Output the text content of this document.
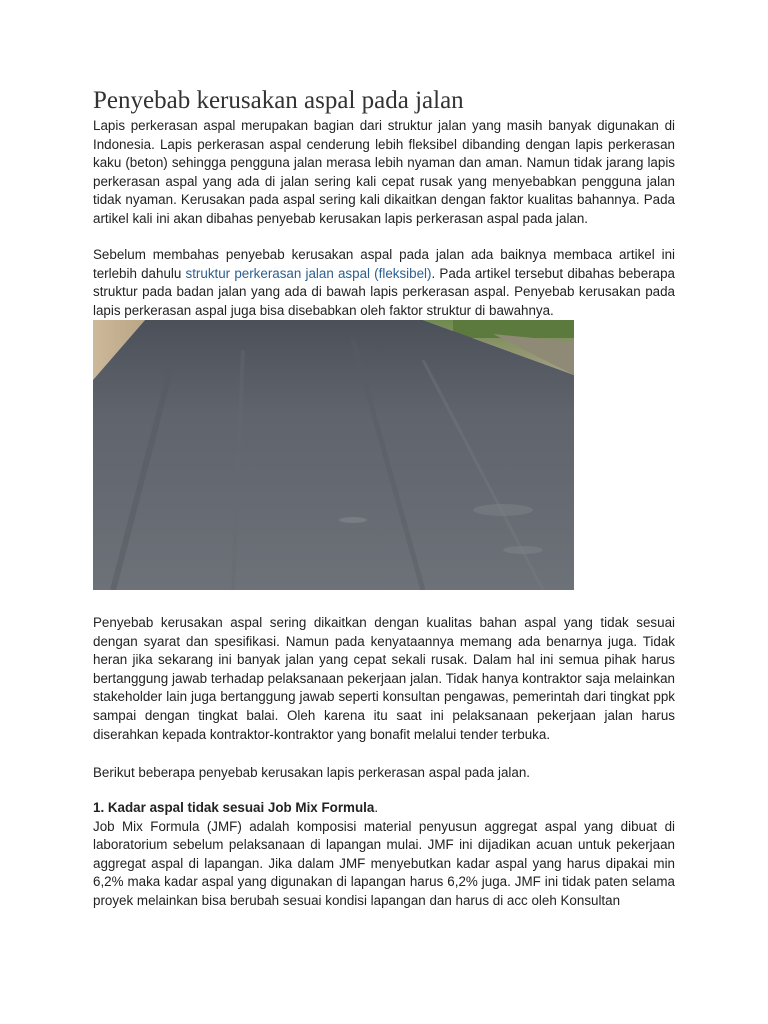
Penyebab kerusakan aspal pada jalan

Lapis perkerasan aspal merupakan bagian dari struktur jalan yang masih banyak digunakan di Indonesia. Lapis perkerasan aspal cenderung lebih fleksibel dibanding dengan lapis perkerasan kaku (beton) sehingga pengguna jalan merasa lebih nyaman dan aman. Namun tidak jarang lapis perkerasan aspal yang ada di jalan sering kali cepat rusak yang menyebabkan pengguna jalan tidak nyaman. Kerusakan pada aspal sering kali dikaitkan dengan faktor kualitas bahannya. Pada artikel kali ini akan dibahas penyebab kerusakan lapis perkerasan aspal pada jalan.

Sebelum membahas penyebab kerusakan aspal pada jalan ada baiknya membaca artikel ini terlebih dahulu struktur perkerasan jalan aspal (fleksibel). Pada artikel tersebut dibahas beberapa struktur pada badan jalan yang ada di bawah lapis perkerasan aspal. Penyebab kerusakan pada lapis perkerasan aspal juga bisa disebabkan oleh faktor struktur di bawahnya.

Penyebab kerusakan aspal sering dikaitkan dengan kualitas bahan aspal yang tidak sesuai dengan syarat dan spesifikasi. Namun pada kenyataannya memang ada benarnya juga. Tidak heran jika sekarang ini banyak jalan yang cepat sekali rusak. Dalam hal ini semua pihak harus bertanggung jawab terhadap pelaksanaan pekerjaan jalan. Tidak hanya kontraktor saja melainkan stakeholder lain juga bertanggung jawab seperti konsultan pengawas, pemerintah dari tingkat ppk sampai dengan tingkat balai. Oleh karena itu saat ini pelaksanaan pekerjaan jalan harus diserahkan kepada kontraktor-kontraktor yang bonafit melalui tender terbuka.

Berikut beberapa penyebab kerusakan lapis perkerasan aspal pada jalan.

1. Kadar aspal tidak sesuai Job Mix Formula.
Job Mix Formula (JMF) adalah komposisi material penyusun aggregat aspal yang dibuat di laboratorium sebelum pelaksanaan di lapangan mulai. JMF ini dijadikan acuan untuk pekerjaan aggregat aspal di lapangan. Jika dalam JMF menyebutkan kadar aspal yang harus dipakai min 6,2% maka kadar aspal yang digunakan di lapangan harus 6,2% juga. JMF ini tidak paten selama proyek melainkan bisa berubah sesuai kondisi lapangan dan harus di acc oleh Konsultan
